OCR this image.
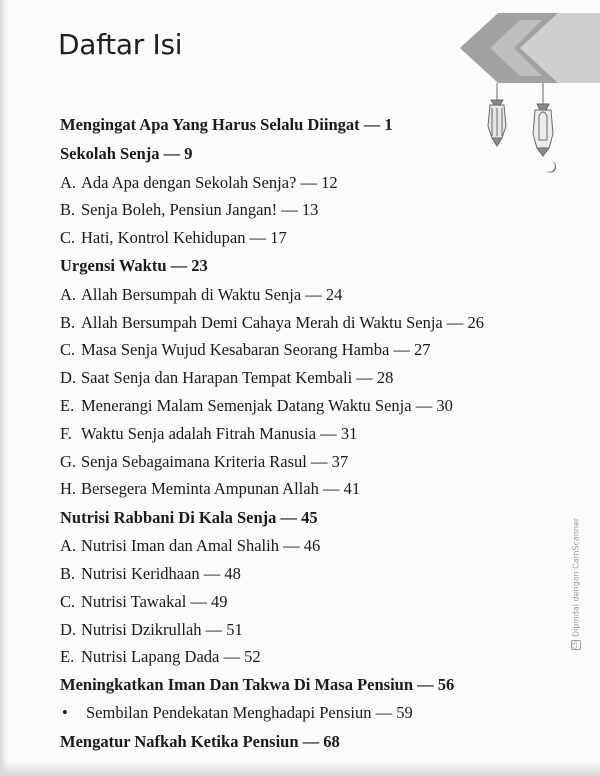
Daftar Isi
Mengingat Apa Yang Harus Selalu Diingat — 1
Sekolah Senja — 9
A. Ada Apa dengan Sekolah Senja? — 12
B. Senja Boleh, Pensiun Jangan! — 13
C. Hati, Kontrol Kehidupan — 17
Urgensi Waktu — 23
A. Allah Bersumpah di Waktu Senja — 24
B. Allah Bersumpah Demi Cahaya Merah di Waktu Senja — 26
C. Masa Senja Wujud Kesabaran Seorang Hamba — 27
D. Saat Senja dan Harapan Tempat Kembali — 28
E. Menerangi Malam Semenjak Datang Waktu Senja — 30
F. Waktu Senja adalah Fitrah Manusia — 31
G. Senja Sebagaimana Kriteria Rasul — 37
H. Bersegera Meminta Ampunan Allah — 41
Nutrisi Rabbani Di Kala Senja — 45
A. Nutrisi Iman dan Amal Shalih — 46
B. Nutrisi Keridhaan — 48
C. Nutrisi Tawakal — 49
D. Nutrisi Dzikrullah — 51
E. Nutrisi Lapang Dada — 52
Meningkatkan Iman Dan Takwa Di Masa Pensiun — 56
• Sembilan Pendekatan Menghadapi Pensiun — 59
Mengatur Nafkah Ketika Pensiun — 68
CSDipindai dengan CamScanner
